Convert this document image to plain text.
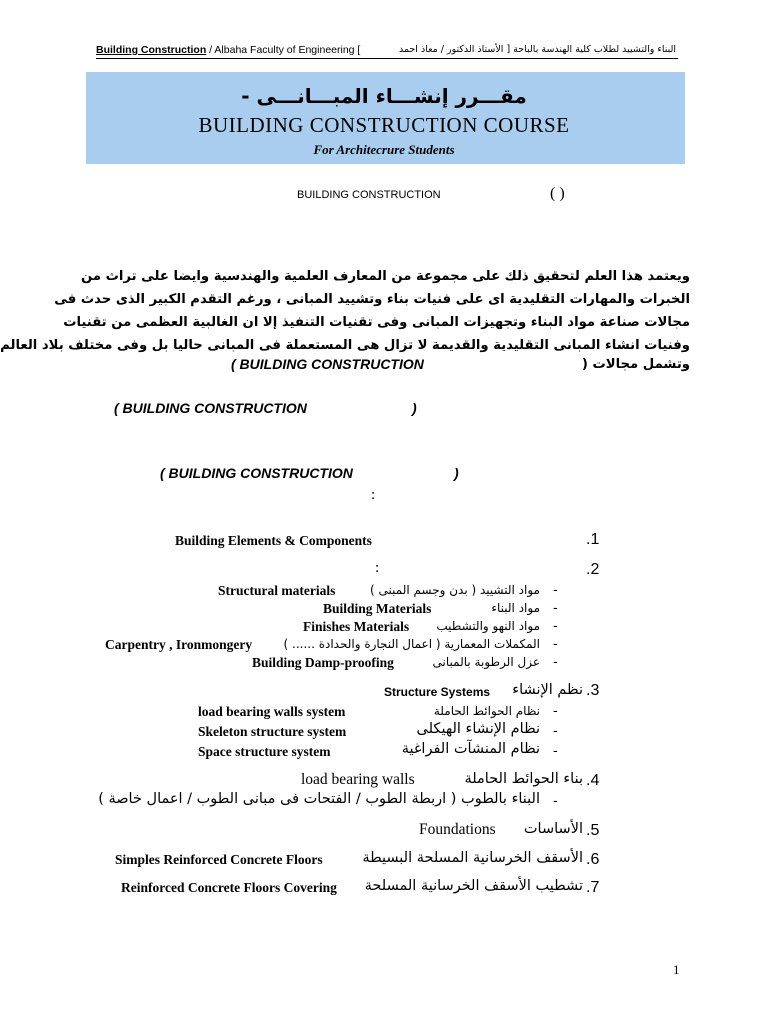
Building Construction / Albaha Faculty of Engineering [	البناء والتشييد لطلاب كلية الهندسة بالباحة [ الأستاذ الدكتور / معاذ احمد
مقـــرر إنشـــاء المبـــانـــى -
BUILDING CONSTRUCTION COURSE
For Architecrure Students
BUILDING CONSTRUCTION	( )
ويعتمد هذا العلم لتحقيق ذلك على مجموعة من المعارف العلمية والهندسية وايضا على تراث من
الخبرات والمهارات التقليدية اى على فنيات بناء وتشييد المبانى ، ورغم التقدم الكبير الذى حدث فى
مجالات صناعة مواد البناء وتجهيزات المبانى وفى تقنيات التنفيذ إلا ان الغالبية العظمى من تقنيات
وفنيات انشاء المبانى التقليدية والقديمة لا تزال هى المستعملة فى المبانى حاليا بل وفى مختلف بلاد العالم
وتشمل مجالات (
( BUILDING CONSTRUCTION
( BUILDING CONSTRUCTION	)
( BUILDING CONSTRUCTION	)
:
Building Elements & Components	.1
:	.2
Structural materials	مواد التشييد ( بدن وجسم المبنى ) -
Building Materials	مواد البناء -
Finishes Materials مواد النهو والتشطيب -
Carpentry , Ironmongery	المكملات المعمارية ( اعمال النجارة والحدادة ...... ) -
Building Damp-proofing	عزل الرطوبة بالمبانى -
Structure Systems نظم الإنشاء .3
load bearing walls system	نظام الحوائط الحاملة -
Skeleton structure system	نظام الإنشاء الهيكلى -
Space structure system	نظام المنشآت الفراغية -
load bearing walls	بناء الحوائط الحاملة .4
البناء بالطوب ( اربطة الطوب / الفتحات فى مبانى الطوب / اعمال خاصة ) -
Foundations الأساسات .5
Simples Reinforced Concrete Floors	الأسقف الخرسانية المسلحة البسيطة .6
Reinforced Concrete Floors Covering تشطيب الأسقف الخرسانية المسلحة .7
1
